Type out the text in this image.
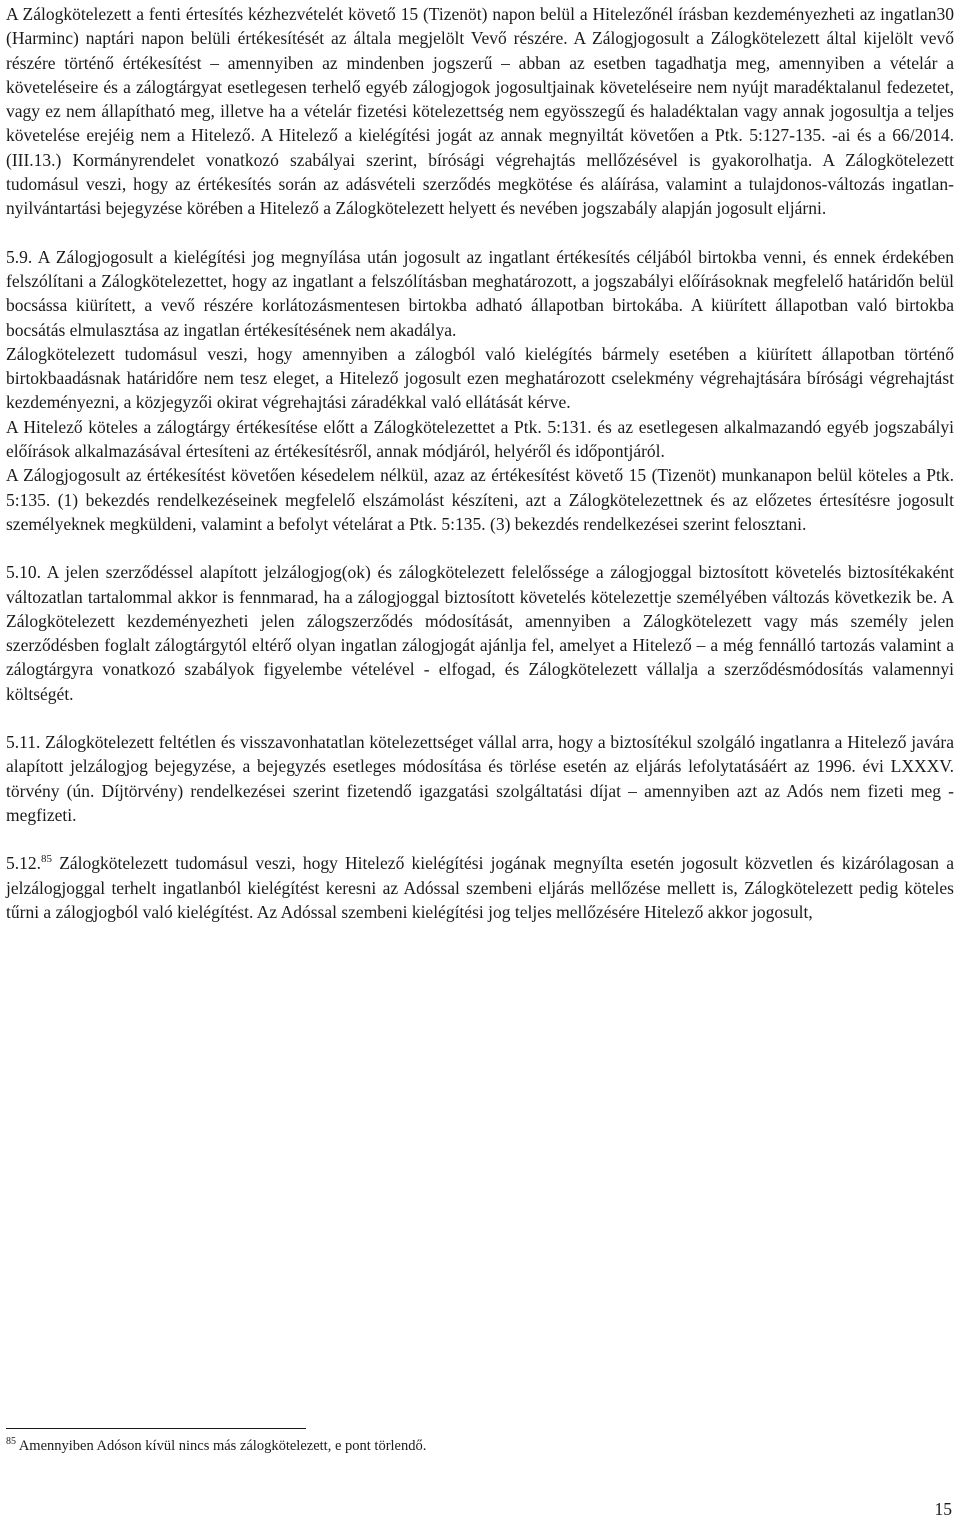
A Zálogkötelezett a fenti értesítés kézhezvételét követő 15 (Tizenöt) napon belül a Hitelezőnél írásban kezdeményezheti az ingatlan30 (Harminc) naptári napon belüli értékesítését az általa megjelölt Vevő részére. A Zálogjogosult a Zálogkötelezett által kijelölt vevő részére történő értékesítést – amennyiben az mindenben jogszerű – abban az esetben tagadhatja meg, amennyiben a vételár a követeléseire és a zálogtárgyat esetlegesen terhelő egyéb zálogjogok jogosultjainak követeléseire nem nyújt maradéktalanul fedezetet, vagy ez nem állapítható meg, illetve ha a vételár fizetési kötelezettség nem egyösszegű és haladéktalan vagy annak jogosultja a teljes követelése erejéig nem a Hitelező. A Hitelező a kielégítési jogát az annak megnyiltát követően a Ptk. 5:127-135. -ai és a 66/2014. (III.13.) Kormányrendelet vonatkozó szabályai szerint, bírósági végrehajtás mellőzésével is gyakorolhatja. A Zálogkötelezett tudomásul veszi, hogy az értékesítés során az adásvételi szerződés megkötése és aláírása, valamint a tulajdonos-változás ingatlan-nyilvántartási bejegyzése körében a Hitelező a Zálogkötelezett helyett és nevében jogszabály alapján jogosult eljárni.

5.9. A Zálogjogosult a kielégítési jog megnyílása után jogosult az ingatlant értékesítés céljából birtokba venni, és ennek érdekében felszólítani a Zálogkötelezettet, hogy az ingatlant a felszólításban meghatározott, a jogszabályi előírásoknak megfelelő határidőn belül bocsássa kiürített, a vevő részére korlátozásmentesen birtokba adható állapotban birtokába. A kiürített állapotban való birtokba bocsátás elmulasztása az ingatlan értékesítésének nem akadálya.

Zálogkötelezett tudomásul veszi, hogy amennyiben a zálogból való kielégítés bármely esetében a kiürített állapotban történő birtokbaadásnak határidőre nem tesz eleget, a Hitelező jogosult ezen meghatározott cselekmény végrehajtására bírósági végrehajtást kezdeményezni, a közjegyzői okirat végrehajtási záradékkal való ellátását kérve.

A Hitelező köteles a zálogtárgy értékesítése előtt a Zálogkötelezettet a Ptk. 5:131. és az esetlegesen alkalmazandó egyéb jogszabályi előírások alkalmazásával értesíteni az értékesítésről, annak módjáról, helyéről és időpontjáról.

A Zálogjogosult az értékesítést követően késedelem nélkül, azaz az értékesítést követő 15 (Tizenöt) munkanapon belül köteles a Ptk. 5:135. (1) bekezdés rendelkezéseinek megfelelő elszámolást készíteni, azt a Zálogkötelezettnek és az előzetes értesítésre jogosult személyeknek megküldeni, valamint a befolyt vételárat a Ptk. 5:135. (3) bekezdés rendelkezései szerint felosztani.

5.10. A jelen szerződéssel alapított jelzálogjog(ok) és zálogkötelezett felelőssége a zálogjoggal biztosított követelés biztosítékaként változatlan tartalommal akkor is fennmarad, ha a zálogjoggal biztosított követelés kötelezettje személyében változás következik be. A Zálogkötelezett kezdeményezheti jelen zálogszerződés módosítását, amennyiben a Zálogkötelezett vagy más személy jelen szerződésben foglalt zálogtárgytól eltérő olyan ingatlan zálogjogát ajánlja fel, amelyet a Hitelező – a még fennálló tartozás valamint a zálogtárgyra vonatkozó szabályok figyelembe vételével - elfogad, és Zálogkötelezett vállalja a szerződésmódosítás valamennyi költségét.

5.11. Zálogkötelezett feltétlen és visszavonhatatlan kötelezettséget vállal arra, hogy a biztosítékul szolgáló ingatlanra a Hitelező javára alapított jelzálogjog bejegyzése, a bejegyzés esetleges módosítása és törlése esetén az eljárás lefolytatásáért az 1996. évi LXXXV. törvény (ún. Díjtörvény) rendelkezései szerint fizetendő igazgatási szolgáltatási díjat – amennyiben azt az Adós nem fizeti meg - megfizeti.

5.12.85 Zálogkötelezett tudomásul veszi, hogy Hitelező kielégítési jogának megnyílta esetén jogosult közvetlen és kizárólagosan a jelzálogjoggal terhelt ingatlanból kielégítést keresni az Adóssal szembeni eljárás mellőzése mellett is, Zálogkötelezett pedig köteles tűrni a zálogjogból való kielégítést. Az Adóssal szembeni kielégítési jog teljes mellőzésére Hitelező akkor jogosult,

$^{85}$ Amennyiben Adóson kívül nincs más zálogkötelezett, e pont törlendő.
15
